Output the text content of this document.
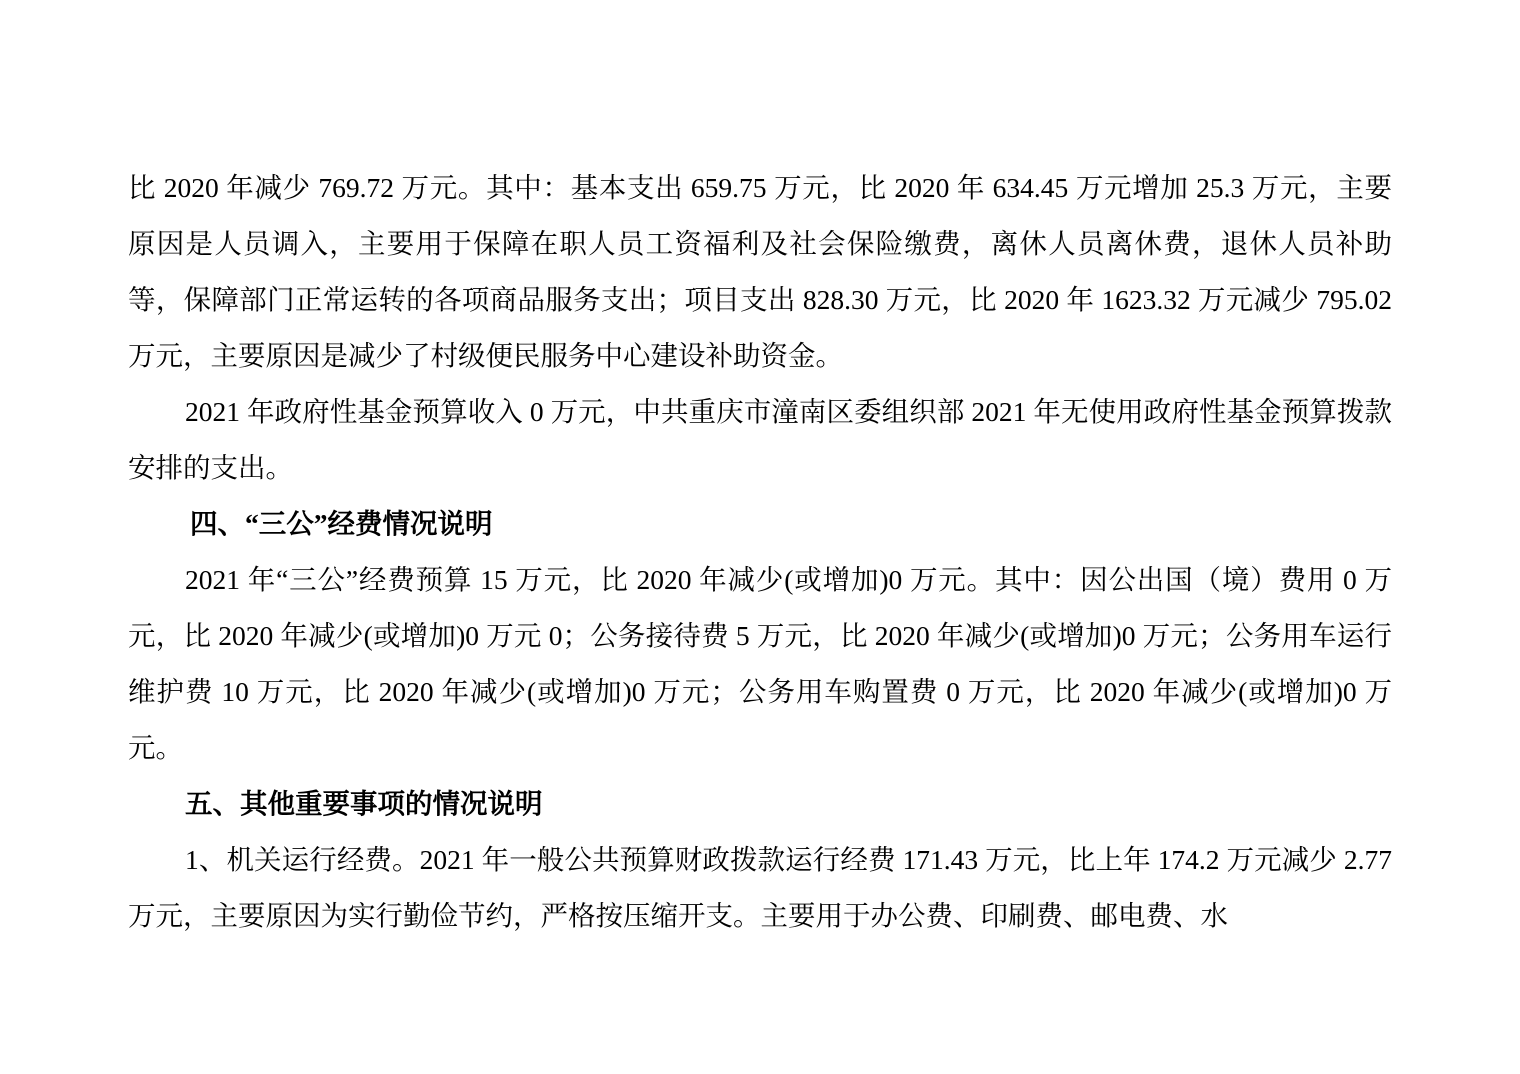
比 2020 年减少 769.72 万元。其中：基本支出 659.75 万元，比 2020 年 634.45 万元增加 25.3 万元，主要原因是人员调入，主要用于保障在职人员工资福利及社会保险缴费，离休人员离休费，退休人员补助等，保障部门正常运转的各项商品服务支出；项目支出 828.30 万元，比 2020 年 1623.32 万元减少 795.02 万元，主要原因是减少了村级便民服务中心建设补助资金。

2021 年政府性基金预算收入 0 万元，中共重庆市潼南区委组织部 2021 年无使用政府性基金预算拨款安排的支出。

四、“三公”经费情况说明

2021 年“三公”经费预算 15 万元，比 2020 年减少(或增加)0 万元。其中：因公出国（境）费用 0 万元，比 2020 年减少(或增加)0 万元 0；公务接待费 5 万元，比 2020 年减少(或增加)0 万元；公务用车运行维护费 10 万元，比 2020 年减少(或增加)0 万元；公务用车购置费 0 万元，比 2020 年减少(或增加)0 万元。

五、其他重要事项的情况说明

1、机关运行经费。2021 年一般公共预算财政拨款运行经费 171.43 万元，比上年 174.2 万元减少 2.77 万元，主要原因为实行勤俭节约，严格按压缩开支。主要用于办公费、印刷费、邮电费、水
